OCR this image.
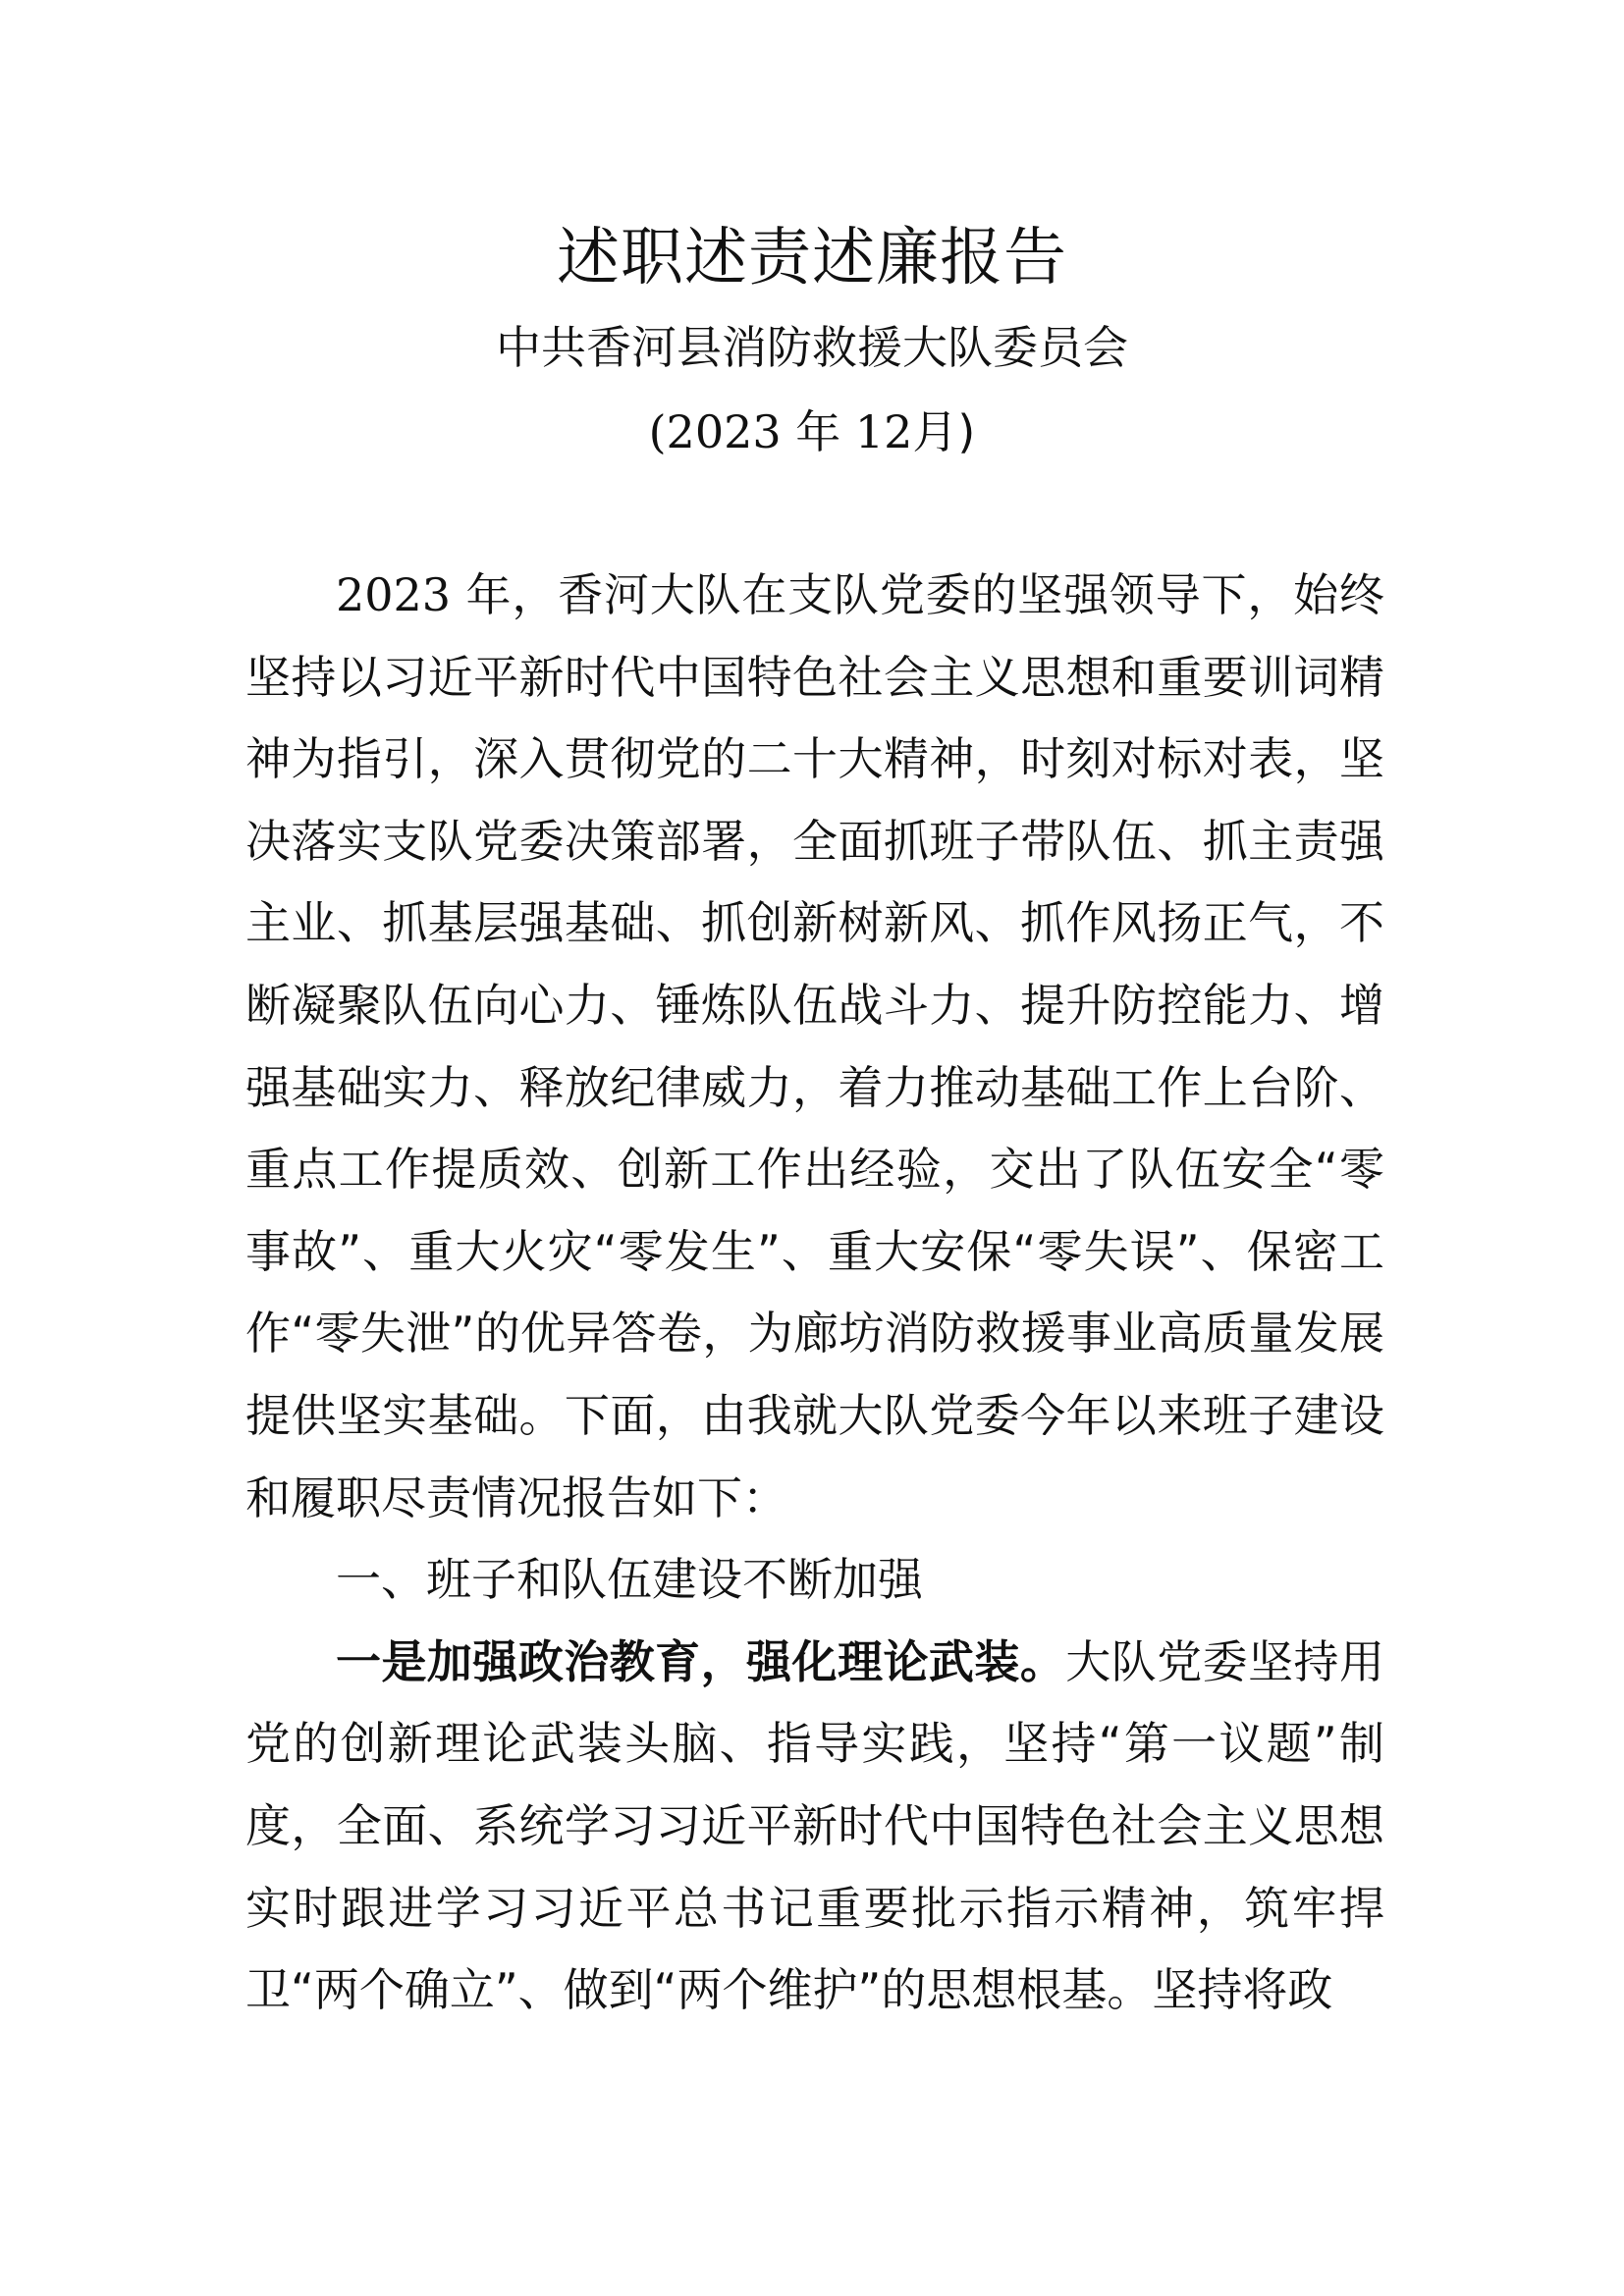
述职述责述廉报告
中共香河县消防救援大队委员会
(2023 年 12月)

2023 年，香河大队在支队党委的坚强领导下，始终坚持以习近平新时代中国特色社会主义思想和重要训词精神为指引，深入贯彻党的二十大精神，时刻对标对表，坚决落实支队党委决策部署，全面抓班子带队伍、抓主责强主业、抓基层强基础、抓创新树新风、抓作风扬正气，不断凝聚队伍向心力、锤炼队伍战斗力、提升防控能力、增强基础实力、释放纪律威力，着力推动基础工作上台阶、重点工作提质效、创新工作出经验，交出了队伍安全“零事故”、重大火灾“零发生”、重大安保“零失误”、保密工作“零失泄”的优异答卷，为廊坊消防救援事业高质量发展提供坚实基础。下面，由我就大队党委今年以来班子建设和履职尽责情况报告如下：

一、班子和队伍建设不断加强

一是加强政治教育，强化理论武装。大队党委坚持用党的创新理论武装头脑、指导实践，坚持“第一议题”制度，全面、系统学习习近平新时代中国特色社会主义思想实时跟进学习习近平总书记重要批示指示精神，筑牢捍卫“两个确立”、做到“两个维护”的思想根基。坚持将政
